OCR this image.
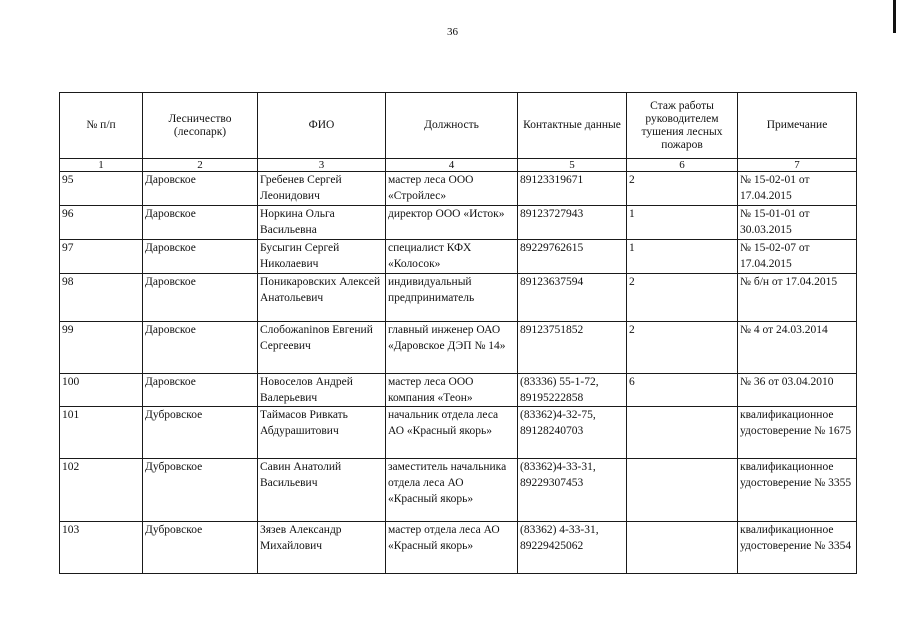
36
№ п/п	Лесничество (лесопарк)	ФИО	Должность	Контактные данные	Стаж работы руководителем тушения лесных пожаров	Примечание
1	2	3	4	5	6	7
95	Даровское	Гребенев Сергей Леонидович	мастер леса ООО «Стройлес»	89123319671	2	№ 15-02-01 от 17.04.2015
96	Даровское	Норкина Ольга Васильевна	директор ООО «Исток»	89123727943	1	№ 15-01-01 от 30.03.2015
97	Даровское	Бусыгин Сергей Николаевич	специалист КФХ «Колосок»	89229762615	1	№ 15-02-07 от 17.04.2015
98	Даровское	Поникаровских Алексей Анатольевич	индивидуальный предприниматель	89123637594	2	№ б/н от 17.04.2015
99	Даровское	Слобожаninов Евгений Сергеевич	главный инженер ОАО «Даровское ДЭП № 14»	89123751852	2	№ 4 от 24.03.2014
100	Даровское	Новоселов Андрей Валерьевич	мастер леса ООО компания «Теон»	(83336) 55-1-72, 89195222858	6	№ 36 от 03.04.2010
101	Дубровское	Таймасов Ривкать Абдурашитович	начальник отдела леса АО «Красный якорь»	(83362)4-32-75, 89128240703		квалификационное удостоверение № 1675
102	Дубровское	Савин Анатолий Васильевич	заместитель начальника отдела леса АО «Красный якорь»	(83362)4-33-31, 89229307453		квалификационное удостоверение № 3355
103	Дубровское	Зязев Александр Михайлович	мастер отдела леса АО «Красный якорь»	(83362) 4-33-31, 89229425062		квалификационное удостоверение № 3354
